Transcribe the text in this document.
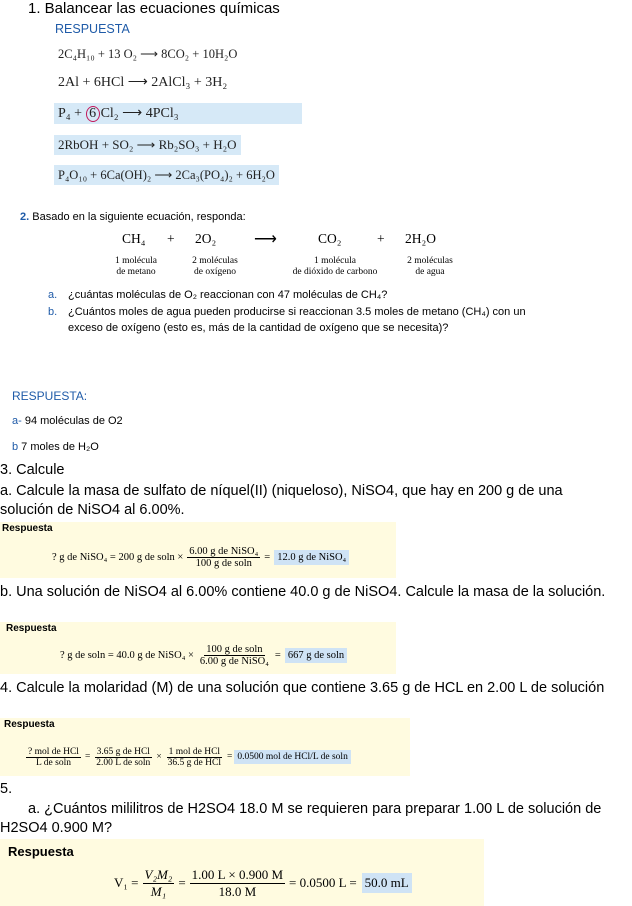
1. Balancear las ecuaciones químicas
RESPUESTA
2C₄H₁₀ + 13 O₂ ⟶ 8CO₂ + 10H₂O
2Al + 6HCl ⟶ 2AlCl₃ + 3H₂
P₄ + 6 Cl₂ ⟶ 4PCl₃
2RbOH + SO₂ ⟶ Rb₂SO₃ + H₂O
P₄O₁₀ + 6Ca(OH)₂ ⟶ 2Ca₃(PO₄)₂ + 6H₂O
2. Basado en la siguiente ecuación, responda:
CH₄ + 2O₂ ⟶	CO₂	+ 2H₂O
1 molécula
de metano
2 moléculas
de oxígeno
1 molécula
de dióxido de carbono
2 moléculas
de agua
a. ¿cuántas moléculas de O₂ reaccionan con 47 moléculas de CH₄?
b. ¿Cuántos moles de agua pueden producirse si reaccionan 3.5 moles de metano (CH₄) con un exceso de oxígeno (esto es, más de la cantidad de oxígeno que se necesita)?
RESPUESTA:
a- 94 moléculas de O2
b 7 moles de H₂O
3. Calcule
a. Calcule la masa de sulfato de níquel(II) (niqueloso), NiSO4, que hay en 200 g de una solución de NiSO4 al 6.00%.
Respuesta
? g de NiSO₄ = 200 g de $soln \times \frac{\text{6.00 g de NiSO₄}}{\text{100 g de soln}} = 12.0$ g de NiSO₄
b. Una solución de NiSO4 al 6.00% contiene 40.0 g de NiSO4. Calcule la masa de la solución.
Respuesta
? g de soln = 40.0 g de NiSO₄ × $\frac{\text{100 g de soln}}{\text{6.00 g de NiSO₄}} = 667$ g de soln
4. Calcule la molaridad (M) de una solución que contiene 3.65 g de HCL en 2.00 L de solución
Respuesta
$\frac{\text{? mol de HCl}}{\text{L de soln}} = \frac{\text{3.65 g de HCl}}{\text{2.00 L de soln}} \times \frac{\text{1 mol de HCl}}{\text{36.5 g de HCl}} = 0.0500$ mol de HCl/L de soln
5.
a. ¿Cuántos mililitros de H2SO4 18.0 M se requieren para preparar 1.00 L de solución de H2SO4 0.900 M?
Respuesta
$V_1 = \frac{\text{V₂M₂}}{\text{M₁}} = \frac{1.00 L \times 0.900 M}{18.0 M} = 0.0500$ L = 50.0 mL
